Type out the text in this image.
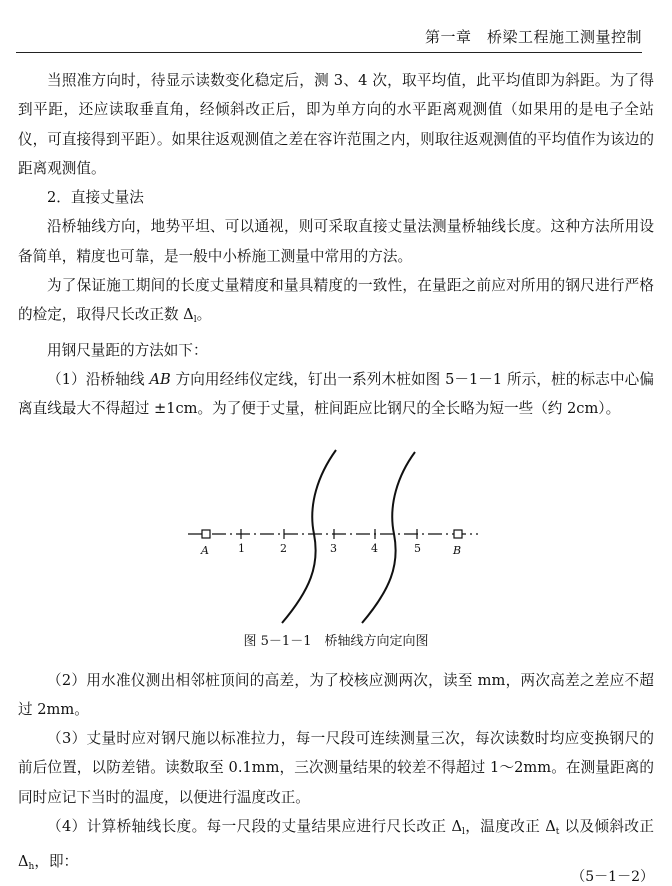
第一章　 桥梁工程施工测量控制

当照准方向时，待显示读数变化稳定后，测 3、4 次，取平均值，此平均值即为斜距。为了得到平距，还应读取垂直角，经倾斜改正后，即为单方向的水平距离观测值（如果用的是电子全站仪，可直接得到平距）。如果往返观测值之差在容许范围之内，则取往返观测值的平均值作为该边的距离观测值。

2．直接丈量法

沿桥轴线方向，地势平坦、可以通视，则可采取直接丈量法测量桥轴线长度。这种方法所用设备简单，精度也可靠，是一般中小桥施工测量中常用的方法。

为了保证施工期间的长度丈量精度和量具精度的一致性，在量距之前应对所用的钢尺进行严格的检定，取得尺长改正数 $\Delta_l$。

用钢尺量距的方法如下：

（1）沿桥轴线 AB 方向用经纬仪定线，钉出一系列木桩如图 5－1－1 所示，桩的标志中心偏离直线最大不得超过 ±1cm。为了便于丈量，桩间距应比钢尺的全长略为短一些（约 2cm）。

A	1	2	3	4	5	B
图 5－1－1　桥轴线方向定向图

（2）用水准仪测出相邻桩顶间的高差，为了校核应测两次，读至 mm，两次高差之差应不超过 2mm。

（3）丈量时应对钢尺施以标准拉力，每一尺段可连续测量三次，每次读数时均应变换钢尺的前后位置，以防差错。读数取至 0.1mm，三次测量结果的较差不得超过 1～2mm。在测量距离的同时应记下当时的温度，以便进行温度改正。

（4）计算桥轴线长度。每一尺段的丈量结果应进行尺长改正 $\Delta_l$，温度改正 $\Delta_t$ 以及倾斜改正 $\Delta_h$，即：

（5－1－2）
